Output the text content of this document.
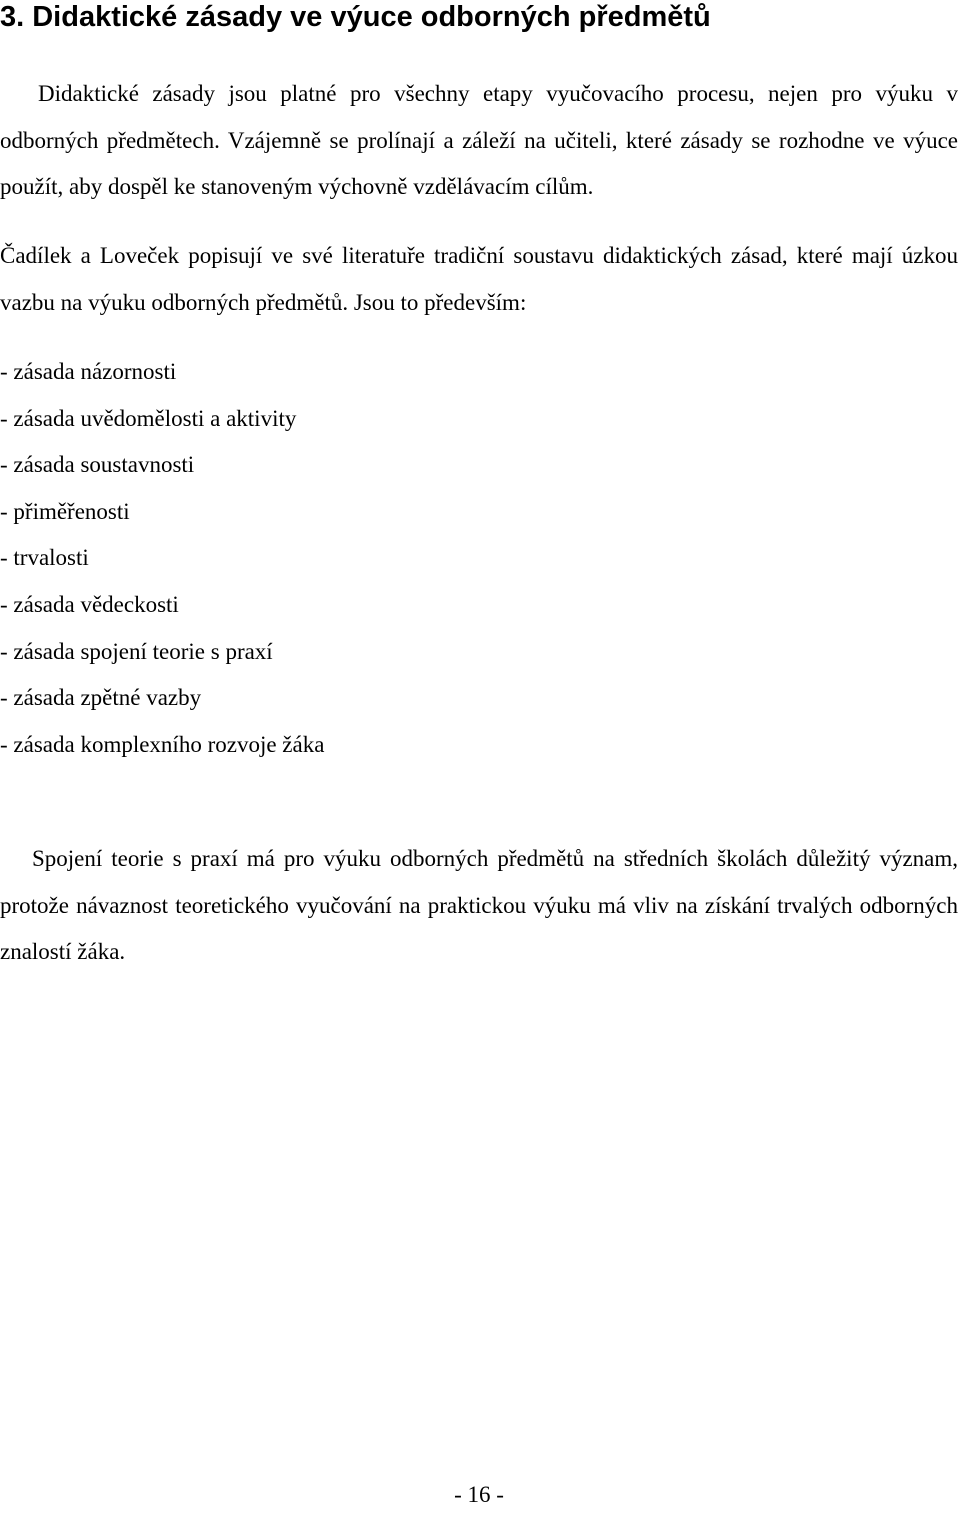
3. Didaktické zásady ve výuce odborných předmětů

Didaktické zásady jsou platné pro všechny etapy vyučovacího procesu, nejen pro výuku v odborných předmětech. Vzájemně se prolínají a záleží na učiteli, které zásady se rozhodne ve výuce použít, aby dospěl ke stanoveným výchovně vzdělávacím cílům.

Čadílek a Loveček popisují ve své literatuře tradiční soustavu didaktických zásad, které mají úzkou vazbu na výuku odborných předmětů. Jsou to především:

- zásada názornosti
- zásada uvědomělosti a aktivity
- zásada soustavnosti
- přiměřenosti
- trvalosti
- zásada vědeckosti
- zásada spojení teorie s praxí
- zásada zpětné vazby
- zásada komplexního rozvoje žáka

Spojení teorie s praxí má pro výuku odborných předmětů na středních školách důležitý význam, protože návaznost teoretického vyučování na praktickou výuku má vliv na získání trvalých odborných znalostí žáka.

- 16 -
